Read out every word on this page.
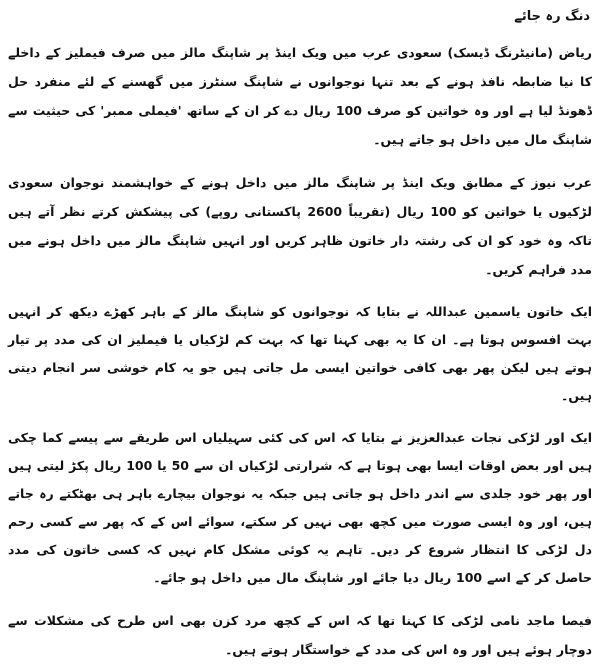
دنگ رہ جائے

ریاض (مانیٹرنگ ڈیسک) سعودی عرب میں ویک اینڈ پر شاپنگ مالز میں صرف فیملیز کے داخلے کا نیا ضابطہ نافذ ہونے کے بعد تنہا نوجوانوں نے شاپنگ سنٹرز میں گھسنے کے لئے منفرد حل ڈھونڈ لیا ہے اور وہ خواتین کو صرف 100 ریال دے کر ان کے ساتھ 'فیملی ممبر' کی حیثیت سے شاپنگ مال میں داخل ہو جاتے ہیں۔

عرب نیوز کے مطابق ویک اینڈ پر شاپنگ مالز میں داخل ہونے کے خواہشمند نوجوان سعودی لڑکیوں یا خواتین کو 100 ریال (تقریباً 2600 پاکستانی روپے) کی پیشکش کرتے نظر آتے ہیں تاکہ وہ خود کو ان کی رشتہ دار خاتون ظاہر کریں اور انہیں شاپنگ مالز میں داخل ہونے میں مدد فراہم کریں۔

ایک خاتون یاسمین عبداللہ نے بتایا کہ نوجوانوں کو شاپنگ مالز کے باہر کھڑے دیکھ کر انہیں بہت افسوس ہوتا ہے۔ ان کا یہ بھی کہنا تھا کہ بہت کم لڑکیاں یا فیملیز ان کی مدد پر تیار ہوتے ہیں لیکن پھر بھی کافی خواتین ایسی مل جاتی ہیں جو یہ کام خوشی سر انجام دیتی ہیں۔

ایک اور لڑکی نجات عبدالعزیز نے بتایا کہ اس کی کئی سہیلیاں اس طریقے سے پیسے کما چکی ہیں اور بعض اوقات ایسا بھی ہوتا ہے کہ شرارتی لڑکیاں ان سے 50 یا 100 ریال پکڑ لیتی ہیں اور پھر خود جلدی سے اندر داخل ہو جاتی ہیں جبکہ یہ نوجوان بیچارے باہر ہی بھٹکتے رہ جاتے ہیں، اور وہ ایسی صورت میں کچھ بھی نہیں کر سکتے، سوائے اس کے کہ پھر سے کسی رحم دل لڑکی کا انتظار شروع کر دیں۔ تاہم یہ کوئی مشکل کام نہیں کہ کسی خاتون کی مدد حاصل کر کے اسے 100 ریال دیا جائے اور شاپنگ مال میں داخل ہو جائے۔

فیصا ماجد نامی لڑکی کا کہنا تھا کہ اس کے کچھ مرد کزن بھی اس طرح کی مشکلات سے دوچار ہوئے ہیں اور وہ اس کی مدد کے خواستگار ہوتے ہیں۔
